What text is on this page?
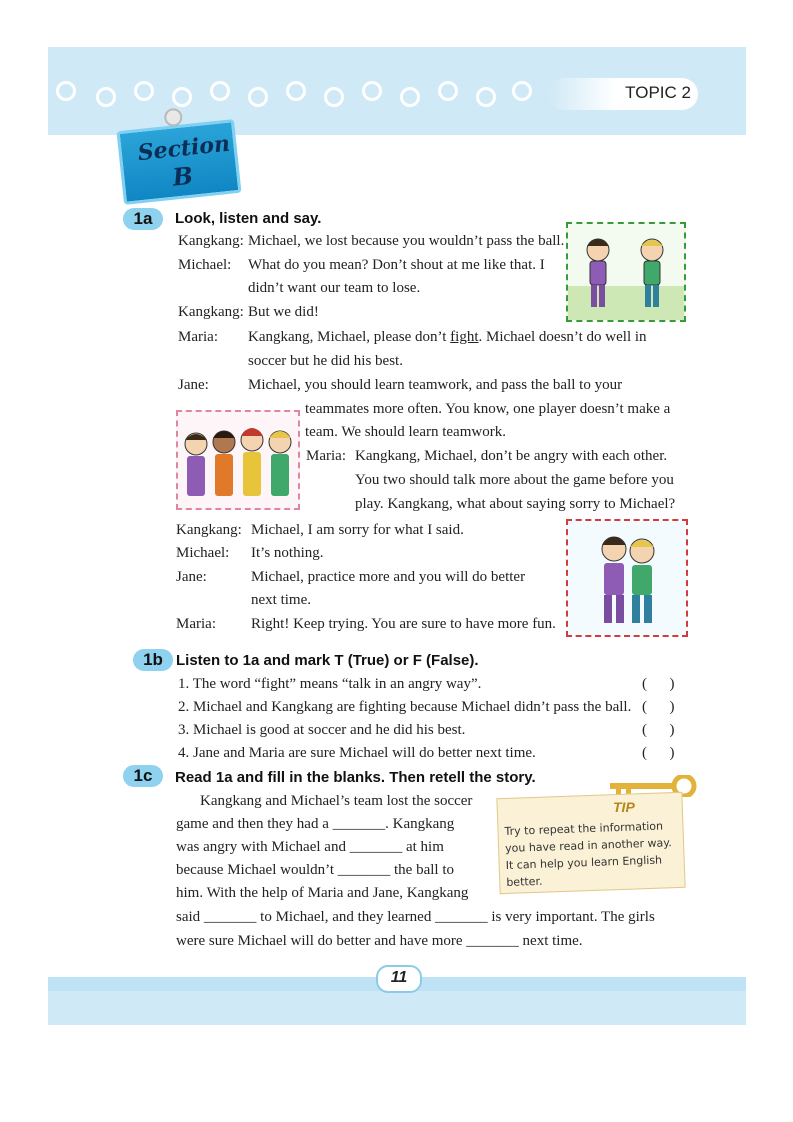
TOPIC 2
Section
B
1a	Look, listen and say.
Kangkang: Michael, we lost because you wouldn’t pass the ball.
Michael: What do you mean? Don’t shout at me like that. I
didn’t want our team to lose.
Kangkang: But we did!
Maria: Kangkang, Michael, please don’t fight. Michael doesn’t do well in
soccer but he did his best.
Jane:	Michael, you should learn teamwork, and pass the ball to your
teammates more often. You know, one player doesn’t make a
team. We should learn teamwork.
Maria: Kangkang, Michael, don’t be angry with each other.
You two should talk more about the game before you
play. Kangkang, what about saying sorry to Michael?
Kangkang: Michael, I am sorry for what I said.
Michael: It’s nothing.
Jane:	Michael, practice more and you will do better
next time.
Maria: Right! Keep trying. You are sure to have more fun.
1b Listen to 1a and mark T (True) or F (False).
1. The word “fight” means “talk in an angry way”.	(      )
2. Michael and Kangkang are fighting because Michael didn’t pass the ball. (      )
3. Michael is good at soccer and he did his best.	(      )
4. Jane and Maria are sure Michael will do better next time.	(      )
1c	Read 1a and fill in the blanks. Then retell the story.
Kangkang and Michael’s team lost the soccer
game and then they had a _______. Kangkang
was angry with Michael and _______ at him
because Michael wouldn’t _______ the ball to
him. With the help of Maria and Jane, Kangkang
said _______ to Michael, and they learned _______ is very important. The girls
were sure Michael will do better and have more _______ next time.
Try to repeat the information you have read in another way. It can help you learn English better.
TIP
11
